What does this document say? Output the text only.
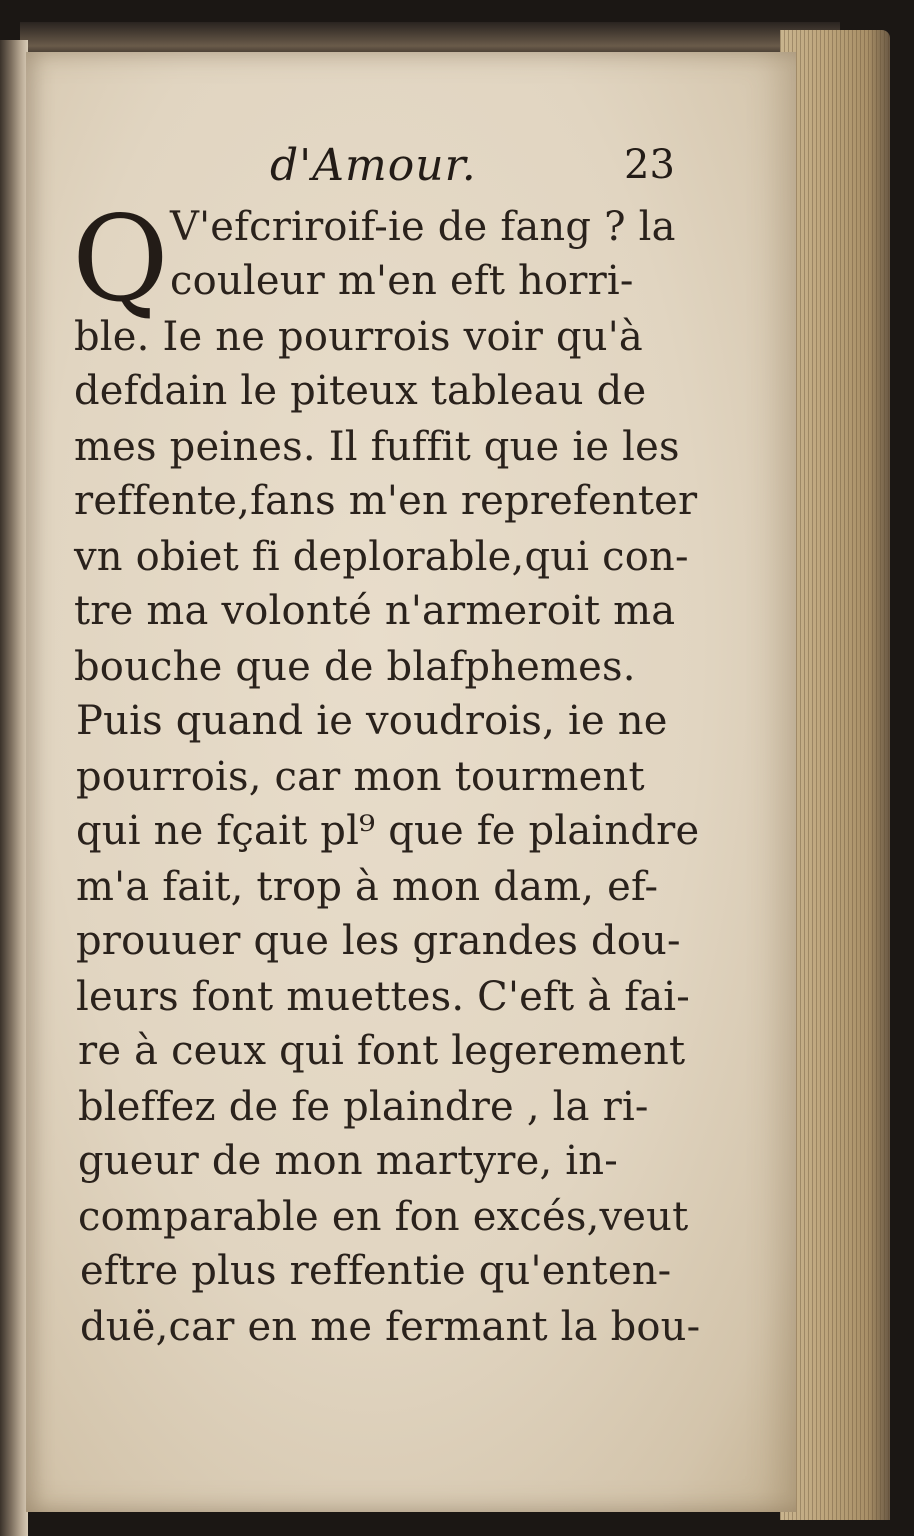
d'Amour.	23
Q V'efcriroif-ie de fang ? la
couleur m'en eft horri-
ble. Ie ne pourrois voir qu'à
defdain le piteux tableau de
mes peines. Il fuffit que ie les
reffente,fans m'en reprefenter
vn obiet fi deplorable,qui con-
tre ma volonté n'armeroit ma
bouche que de blafphemes.
Puis quand ie voudrois, ie ne
pourrois, car mon tourment
qui ne fçait pl⁹ que fe plaindre
m'a fait, trop à mon dam, ef-
prouuer que les grandes dou-
leurs font muettes. C'eft à fai-
re à ceux qui font legerement
bleffez de fe plaindre , la ri-
gueur de mon martyre, in-
comparable en fon excés,veut
eftre plus reffentie qu'enten-
duë,car en me fermant la bou-
